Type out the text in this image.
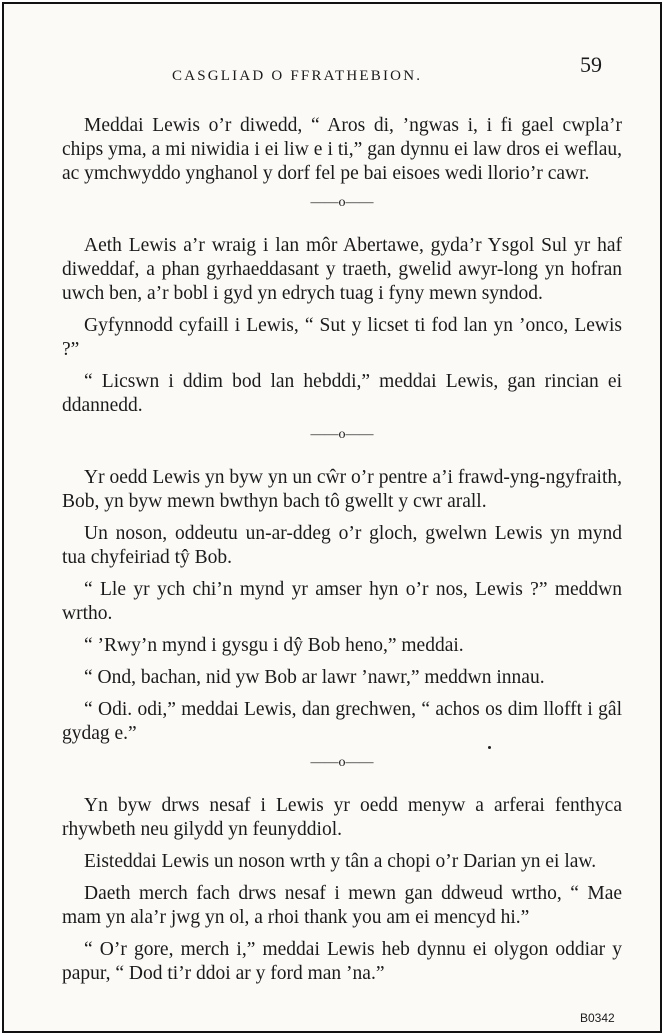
CASGLIAD O FFRATHEBION.	59

Meddai Lewis o’r diwedd, “ Aros di, ’ngwas i, i fi gael cwpla’r chips yma, a mi niwidia i ei liw e i ti,” gan dynnu ei law dros ei weflau, ac ymchwyddo ynghanol y dorf fel pe bai eisoes wedi llorio’r cawr.

——o——

Aeth Lewis a’r wraig i lan môr Abertawe, gyda’r Ysgol Sul yr haf diweddaf, a phan gyrhaeddasant y traeth, gwelid awyr-long yn hofran uwch ben, a’r bobl i gyd yn edrych tuag i fyny mewn syndod.

Gyfynnodd cyfaill i Lewis, “ Sut y licset ti fod lan yn ’onco, Lewis ?”

“ Licswn i ddim bod lan hebddi,” meddai Lewis, gan rincian ei ddannedd.

——o——

Yr oedd Lewis yn byw yn un cŵr o’r pentre a’i frawd-yng-ngyfraith, Bob, yn byw mewn bwthyn bach tô gwellt y cwr arall.

Un noson, oddeutu un-ar-ddeg o’r gloch, gwelwn Lewis yn mynd tua chyfeiriad tŷ Bob.

“ Lle yr ych chi’n mynd yr amser hyn o’r nos, Lewis ?” meddwn wrtho.

“ ’Rwy’n mynd i gysgu i dŷ Bob heno,” meddai.

“ Ond, bachan, nid yw Bob ar lawr ’nawr,” meddwn innau.

“ Odi. odi,” meddai Lewis, dan grechwen, “ achos os dim llofft i gâl gydag e.”

——o——

Yn byw drws nesaf i Lewis yr oedd menyw a arferai fenthyca rhywbeth neu gilydd yn feunyddiol.

Eisteddai Lewis un noson wrth y tân a chopi o’r Darian yn ei law.

Daeth merch fach drws nesaf i mewn gan ddweud wrtho, “ Mae mam yn ala’r jwg yn ol, a rhoi thank you am ei mencyd hi.”

“ O’r gore, merch i,” meddai Lewis heb dynnu ei olygon oddiar y papur, “ Dod ti’r ddoi ar y ford man ’na.”

B0342
